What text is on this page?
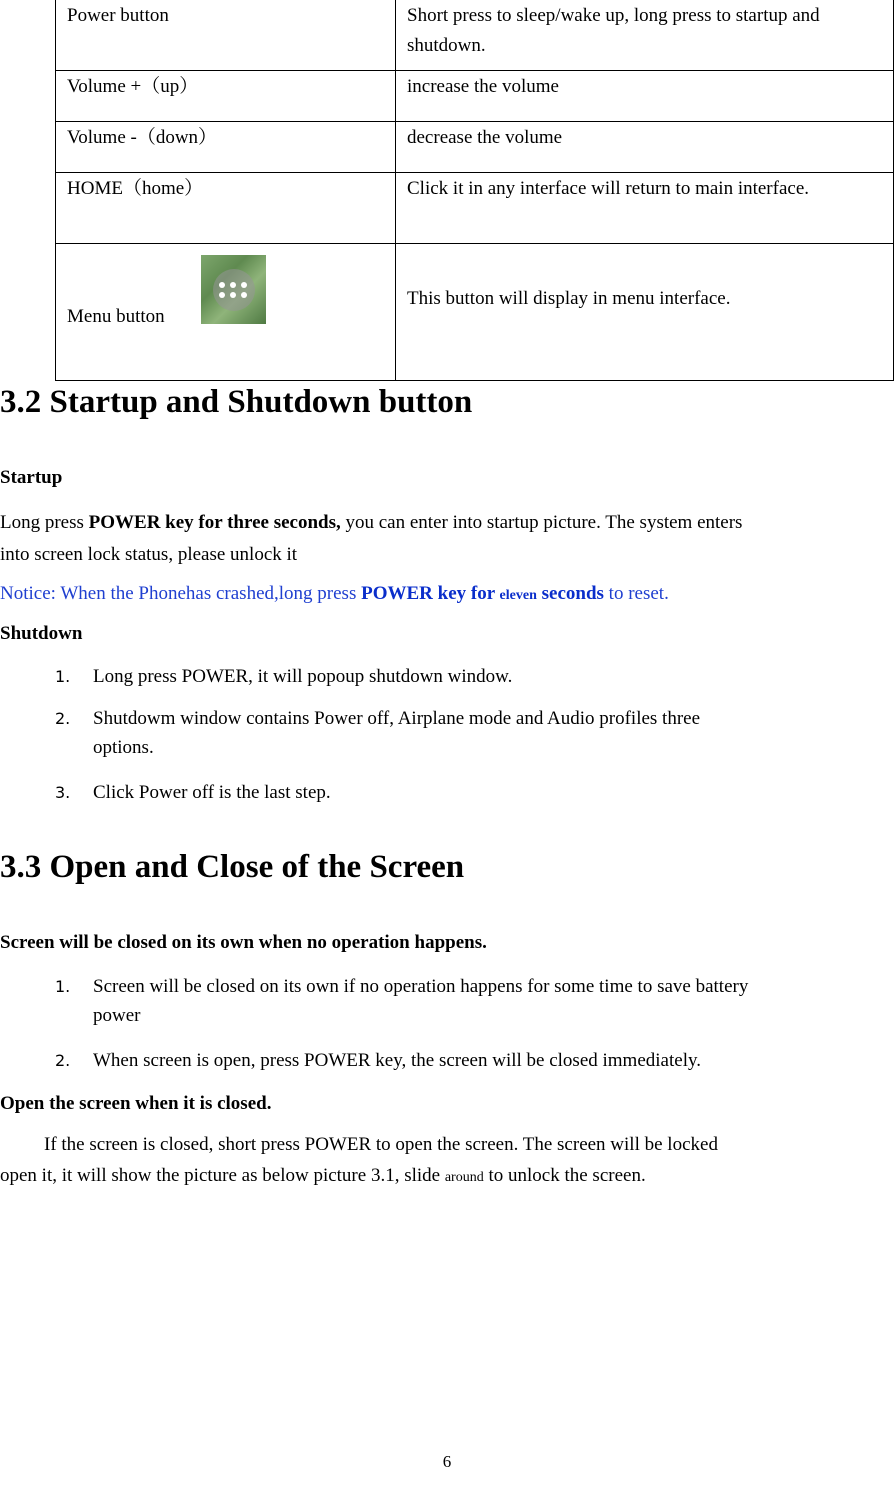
Power button	Short press to sleep/wake up, long press to startup and shutdown.
Volume +（up）	increase the volume
Volume -（down）	decrease the volume
HOME（home）	Click it in any interface will return to main interface.

Menu button	This button will display in menu interface.
3.2 Startup and Shutdown button
Startup
Long press POWER key for three seconds, you can enter into startup picture. The system enters
into screen lock status, please unlock it
Notice: When the Phonehas crashed,long press POWER key for eleven seconds to reset.
Shutdown
1.	Long press POWER, it will popoup shutdown window.
2.	Shutdowm window contains Power off, Airplane mode and Audio profiles three
options.
3.	Click Power off is the last step.
3.3 Open and Close of the Screen
Screen will be closed on its own when no operation happens.
1.	Screen will be closed on its own if no operation happens for some time to save battery
power
2.	When screen is open, press POWER key, the screen will be closed immediately.
Open the screen when it is closed.
If the screen is closed, short press POWER to open the screen. The screen will be locked
open it, it will show the picture as below picture 3.1, slide around to unlock the screen.
6
